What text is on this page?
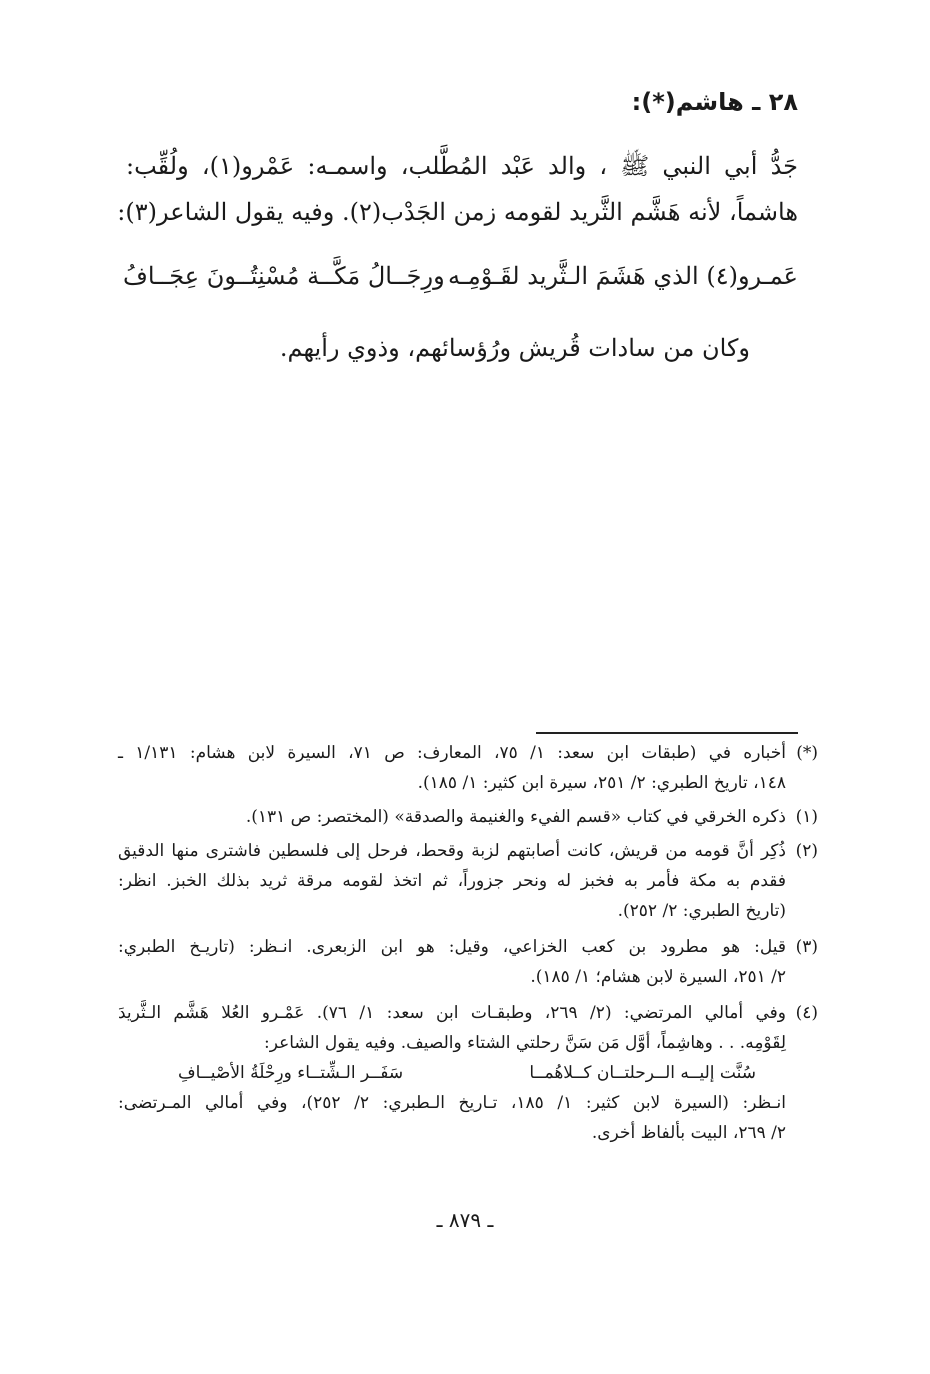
٢٨ ـ هاشم(*):
جَدُّ أبي النبي ﷺ ، والد عَبْد المُطَّلب، واسمـه: عَمْرو(١)، ولُقِّب:
هاشماً، لأنه هَشَّم الثَّريد لقومه زمن الجَدْب(٢). وفيه يقول الشاعر(٣):
عَمـرو(٤) الذي هَشَمَ الـثَّريد لقَـوْمِـه
ورِجَــالُ مَكَّــة مُسْنِتُــونَ عِجَــافُ
وكان من سادات قُريش ورُؤسائهم، وذوي رأيهم.
(*)
أخباره في (طبقات ابن سعد: ١/ ٧٥، المعارف: ص ٧١، السيرة لابن هشام: ١/١٣١ ـ
١٤٨، تاريخ الطبري: ٢/ ٢٥١، سيرة ابن كثير: ١/ ١٨٥).
(١)
ذكره الخرقي في كتاب «قسم الفيء والغنيمة والصدقة» (المختصر: ص ١٣١).
(٢)
ذُكِر أنَّ قومه من قريش، كانت أصابتهم لزبة وقحط، فرحل إلى فلسطين فاشترى منها الدقيق
فقدم به مكة فأمر به فخبز له ونحر جزوراً، ثم اتخذ لقومه مرقة ثريد بذلك الخبز. انظر:
(تاريخ الطبري: ٢/ ٢٥٢).
(٣)
قيل: هو مطرود بن كعب الخزاعي، وقيل: هو ابن الزبعرى. انـظر: (تاريـخ الطبري:
٢/ ٢٥١، السيرة لابن هشام؛ ١/ ١٨٥).
(٤)
وفي أمالي المرتضي: (٢/ ٢٦٩، وطبقـات ابن سعد: ١/ ٧٦). عَمْـرو العُلا هَشَّم الـثَّريدَ
لِقَوْمِه. . . وهاشِماً، أوَّل مَن سَنَّ رحلتي الشتاء والصيف. وفيه يقول الشاعر:
سُنَّت إليــه الــرحلتــان كــلاهُمــا
سَفَــر الـشِّتــاء ورِحْلَةُ الأصْيــافِ
انـظر: (السيرة لابن كثير: ١/ ١٨٥، تـاريخ الـطبري: ٢/ ٢٥٢)، وفي أمالي المـرتضى:
٢/ ٢٦٩، البيت بألفاظ أخرى.
ـ ٨٧٩ ـ
